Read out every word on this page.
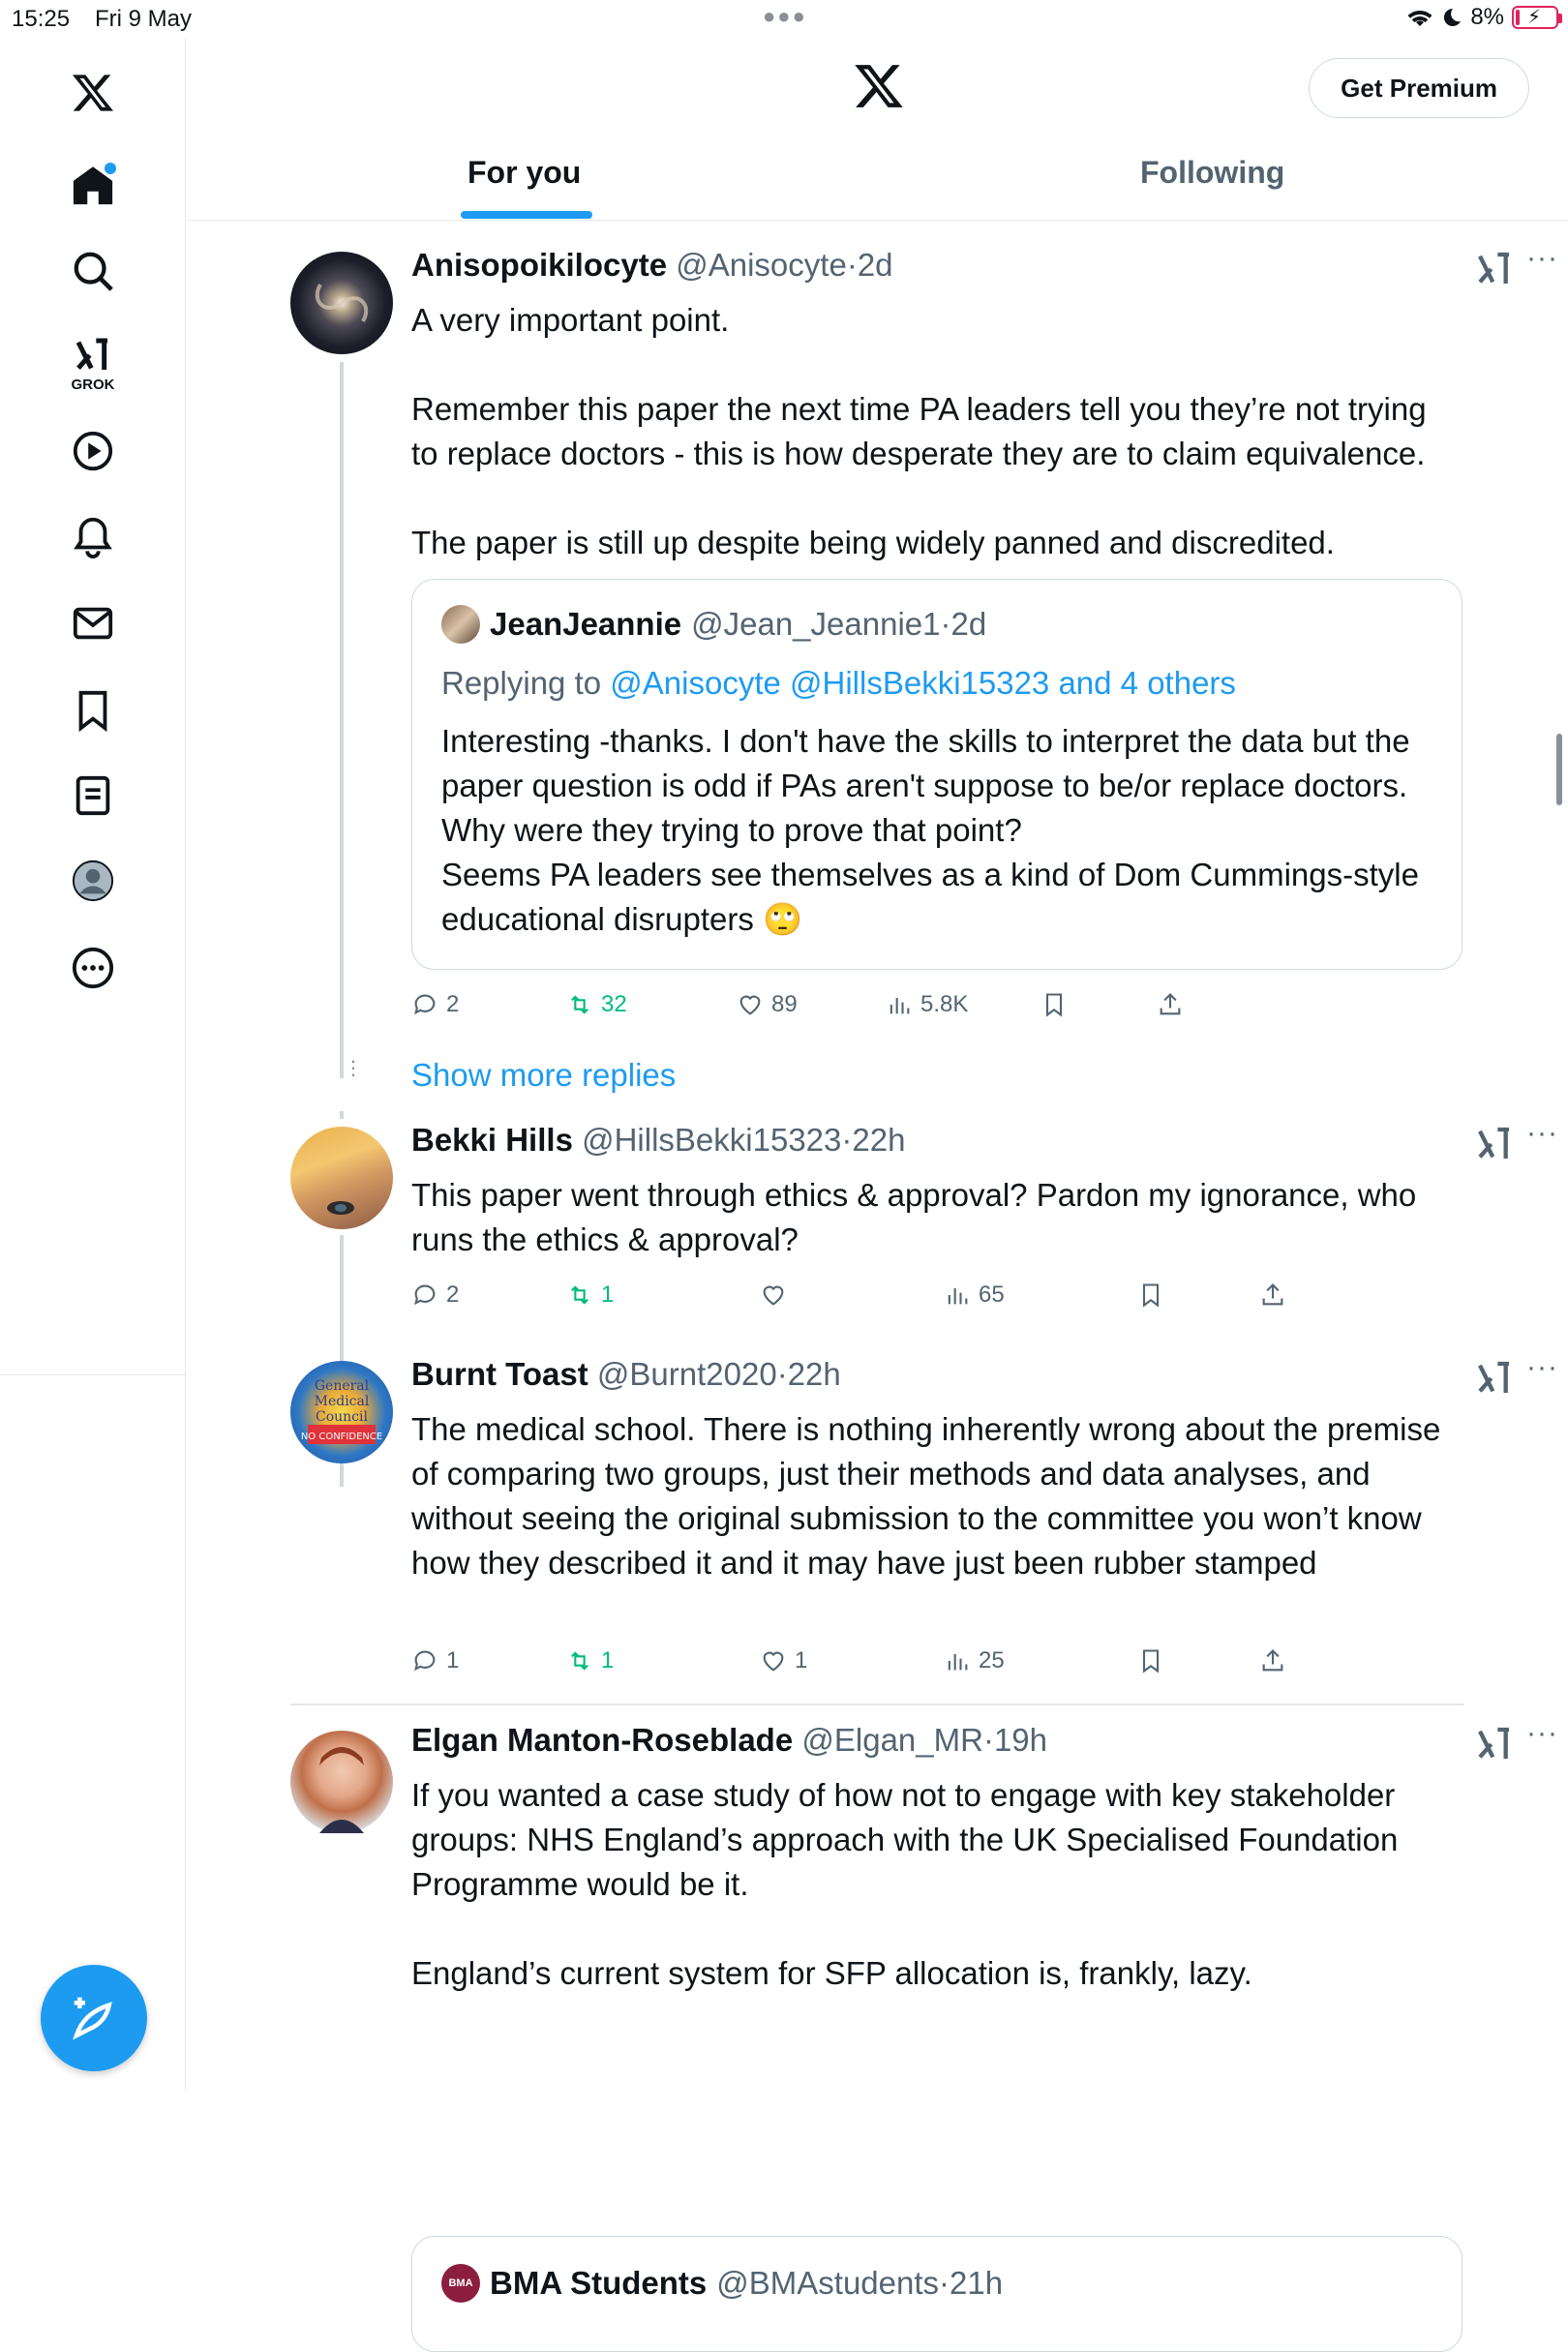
15:25 Fri 9 May	●●●	8% ⚡
GROK
Get Premium
For you	Following
Anisopoikilocyte @Anisocyte·2d	···

A very important point.

Remember this paper the next time PA leaders tell you they’re not trying to replace doctors - this is how desperate they are to claim equivalence.

The paper is still up despite being widely panned and discredited.

JeanJeannie @Jean_Jeannie1·2d
Replying to @Anisocyte @HillsBekki15323 and 4 others

Interesting -thanks. I don't have the skills to interpret the data but the paper question is odd if PAs aren't suppose to be/or replace doctors. Why were they trying to prove that point?

Seems PA leaders see themselves as a kind of Dom Cummings-style educational disrupters 🙄

2	32	89	5.8K
⋮ Show more replies
Bekki Hills @HillsBekki15323·22h	···

This paper went through ethics & approval? Pardon my ignorance, who runs the ethics & approval?

2	1	65
General
Medical
Council
NO CONFIDENCE
Burnt Toast @Burnt2020·22h	···

The medical school. There is nothing inherently wrong about the premise of comparing two groups, just their methods and data analyses, and without seeing the original submission to the committee you won’t know how they described it and it may have just been rubber stamped

1	1	1	25
Elgan Manton-Roseblade @Elgan_MR·19h	···

If you wanted a case study of how not to engage with key stakeholder groups: NHS England’s approach with the UK Specialised Foundation Programme would be it.

England’s current system for SFP allocation is, frankly, lazy.

BMA BMA Students @BMAstudents·21h
